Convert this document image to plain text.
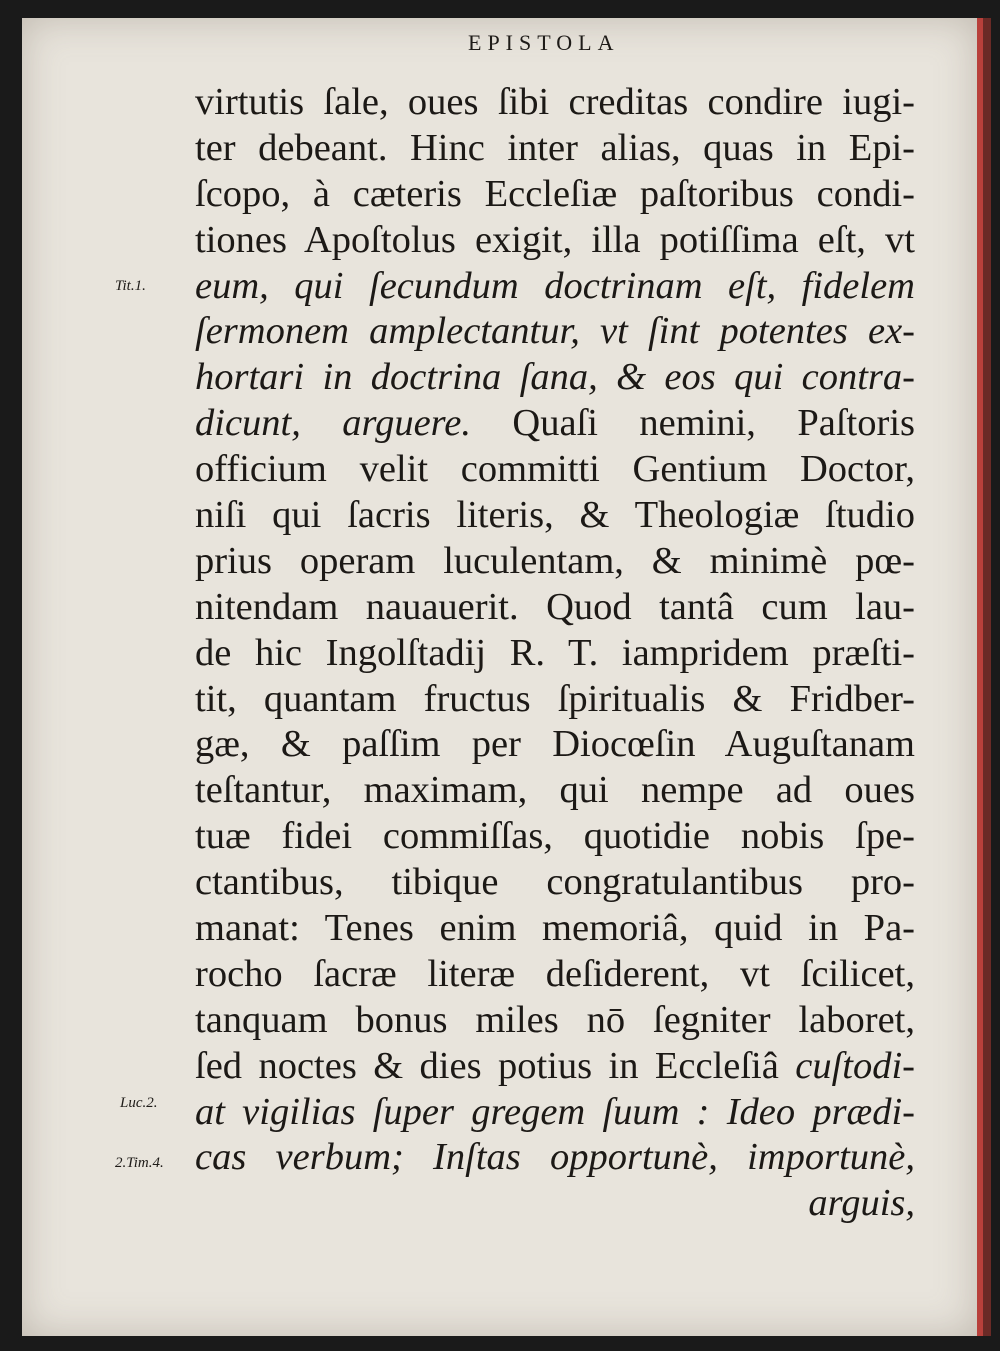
EPISTOLA
Tit.1.
Luc.2.
2.Tim.4.
virtutis ſale, oues ſibi creditas condire iugi-
ter debeant. Hinc inter alias, quas in Epi-
ſcopo, à cæteris Eccleſiæ paſtoribus condi-
tiones Apoſtolus exigit, illa potiſſima eſt, vt
eum, qui ſecundum doctrinam eſt, fidelem
ſermonem amplectantur, vt ſint potentes ex-
hortari in doctrina ſana, & eos qui contra-
dicunt, arguere. Quaſi nemini, Paſtoris
officium velit committi Gentium Doctor,
niſi qui ſacris literis, & Theologiæ ſtudio
prius operam luculentam, & minimè pœ-
nitendam nauauerit. Quod tantâ cum lau-
de hic Ingolſtadij R. T. iampridem præſti-
tit, quantam fructus ſpiritualis & Fridber-
gæ, & paſſim per Diocœſin Auguſtanam
teſtantur, maximam, qui nempe ad oues
tuæ fidei commiſſas, quotidie nobis ſpe-
ctantibus, tibique congratulantibus pro-
manat: Tenes enim memoriâ, quid in Pa-
rocho ſacræ literæ deſiderent, vt ſcilicet,
tanquam bonus miles nō ſegniter laboret,
ſed noctes & dies potius in Eccleſiâ cuſtodi-
at vigilias ſuper gregem ſuum : Ideo prædi-
cas verbum; Inſtas opportunè, importunè,
arguis,
